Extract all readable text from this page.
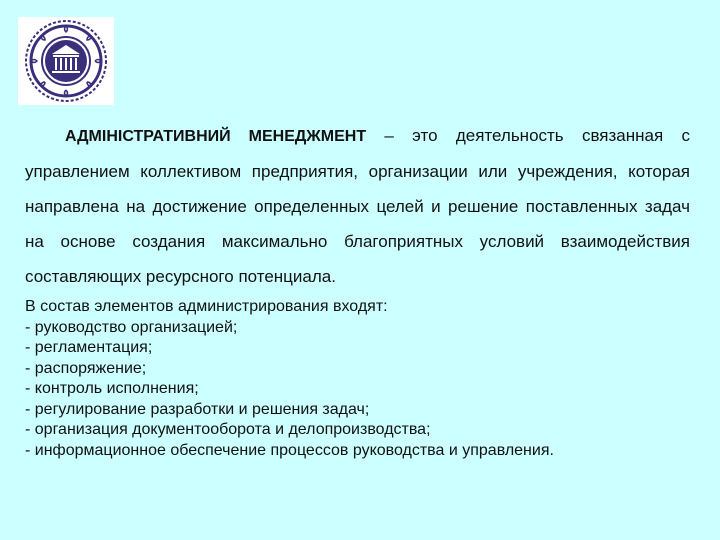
АДМІНІСТРАТИВНИЙ МЕНЕДЖМЕНТ – это деятельность связанная с управлением коллективом предприятия, организации или учреждения, которая направлена на достижение определенных целей и решение поставленных задач на основе создания максимально благоприятных условий взаимодействия составляющих ресурсного потенциала.

В состав элементов администрирования входят:
- руководство организацией;
- регламентация;
- распоряжение;
- контроль исполнения;
- регулирование разработки и решения задач;
- организация документооборота и делопроизводства;
- информационное обеспечение процессов руководства и управления.
